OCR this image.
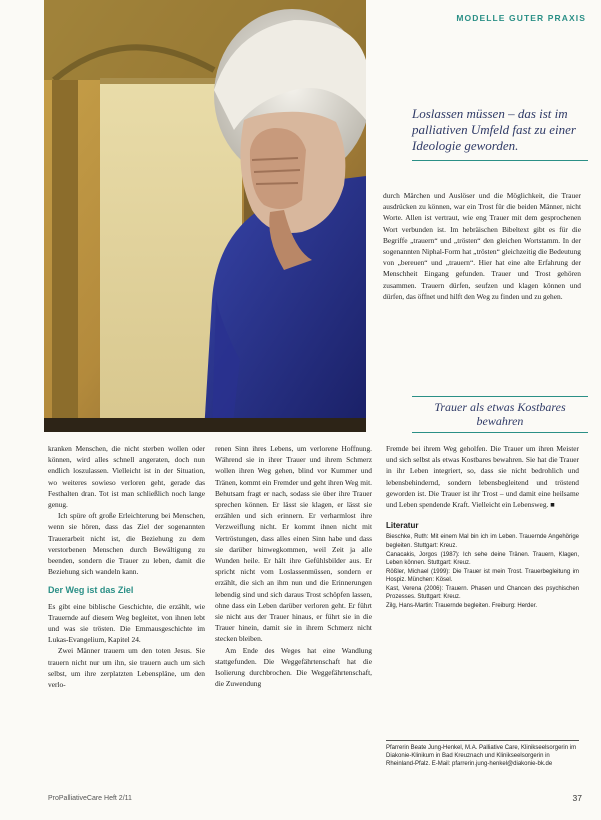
MODELLE GUTER PRAXIS
Loslassen müssen – das ist im palliativen Umfeld fast zu einer Ideologie geworden.
durch Märchen und Auslöser und die Möglichkeit, die Trauer ausdrücken zu können, war ein Trost für die beiden Männer, nicht Worte. Allen ist vertraut, wie eng Trauer mit dem gesprochenen Wort verbunden ist. Im hebräischen Bibeltext gibt es für die Begriffe „trauern“ und „trösten“ den gleichen Wortstamm. In der sogenannten Niphal-Form hat „trösten“ gleichzeitig die Bedeutung von „bereuen“ und „trauern“. Hier hat eine alte Erfahrung der Menschheit Eingang gefunden. Trauer und Trost gehören zusammen. Trauern dürfen, seufzen und klagen können und dürfen, das öffnet und hilft den Weg zu finden und zu gehen.
Trauer als etwas Kostbares bewahren

kranken Menschen, die nicht sterben wollen oder können, wird alles schnell angeraten, doch nun endlich loszulassen. Vielleicht ist in der Situation, wo weiteres sowieso verloren geht, gerade das Festhalten dran. Tot ist man schließlich noch lange genug.

Ich spüre oft große Erleichterung bei Menschen, wenn sie hören, dass das Ziel der sogenannten Trauerarbeit nicht ist, die Beziehung zu dem verstorbenen Menschen durch Bewältigung zu beenden, sondern die Trauer zu leben, damit die Beziehung sich wandeln kann.

Der Weg ist das Ziel

Es gibt eine biblische Geschichte, die erzählt, wie Trauernde auf diesem Weg begleitet, von ihnen lebt und was sie trösten. Die Emmausgeschichte im Lukas-Evangelium, Kapitel 24.

Zwei Männer trauern um den toten Jesus. Sie trauern nicht nur um ihn, sie trauern auch um sich selbst, um ihre zerplatzten Lebenspläne, um den verlo-

renen Sinn ihres Lebens, um verlorene Hoffnung. Während sie in ihrer Trauer und ihrem Schmerz wollen ihren Weg gehen, blind vor Kummer und Tränen, kommt ein Fremder und geht ihren Weg mit. Behutsam fragt er nach, sodass sie über ihre Trauer sprechen können. Er lässt sie klagen, er lässt sie erzählen und sich erinnern. Er verharmlost ihre Verzweiflung nicht. Er kommt ihnen nicht mit Vertröstungen, dass alles einen Sinn habe und dass sie darüber hinwegkommen, weil Zeit ja alle Wunden heile. Er hält ihre Gefühlsbilder aus. Er spricht nicht vom Loslassenmüssen, sondern er erzählt, die sich an ihm nun und die Erinnerungen lebendig sind und sich daraus Trost schöpfen lassen, ohne dass ein Leben darüber verloren geht. Er führt sie nicht aus der Trauer hinaus, er führt sie in die Trauer hinein, damit sie in ihrem Schmerz nicht stecken bleiben.

Am Ende des Weges hat eine Wandlung stattgefunden. Die Weggefährtenschaft hat die Isolierung durchbrochen. Die Weggefährtenschaft, die Zuwendung

Fremde bei ihrem Weg geholfen. Die Trauer um ihren Meister und sich selbst als etwas Kostbares bewahren. Sie hat die Trauer in ihr Leben integriert, so, dass sie nicht bedrohlich und lebensbehindernd, sondern lebensbegleitend und tröstend geworden ist. Die Trauer ist ihr Trost – und damit eine heilsame und Leben spendende Kraft. Vielleicht ein Lebensweg. ■

Literatur
Bieschke, Ruth: Mit einem Mal bin ich im Leben. Trauernde Angehörige begleiten. Stuttgart: Kreuz.
Canacakis, Jorgos (1987): Ich sehe deine Tränen. Trauern, Klagen, Leben können. Stuttgart: Kreuz.
Rößler, Michael (1999): Die Trauer ist mein Trost. Trauerbegleitung im Hospiz. München: Kösel.
Kast, Verena (2006): Trauern. Phasen und Chancen des psychischen Prozesses. Stuttgart: Kreuz.
Zilg, Hans-Martin: Trauernde begleiten. Freiburg: Herder.
Pfarrerin Beate Jung-Henkel, M.A. Palliative Care, Klinikseelsorgerin im Diakonie-Klinikum in Bad Kreuznach und Klinikseelsorgerin in Rheinland-Pfalz. E-Mail: pfarrerin.jung-henkel@diakonie-bk.de
ProPalliativeCare Heft 2/11	37
